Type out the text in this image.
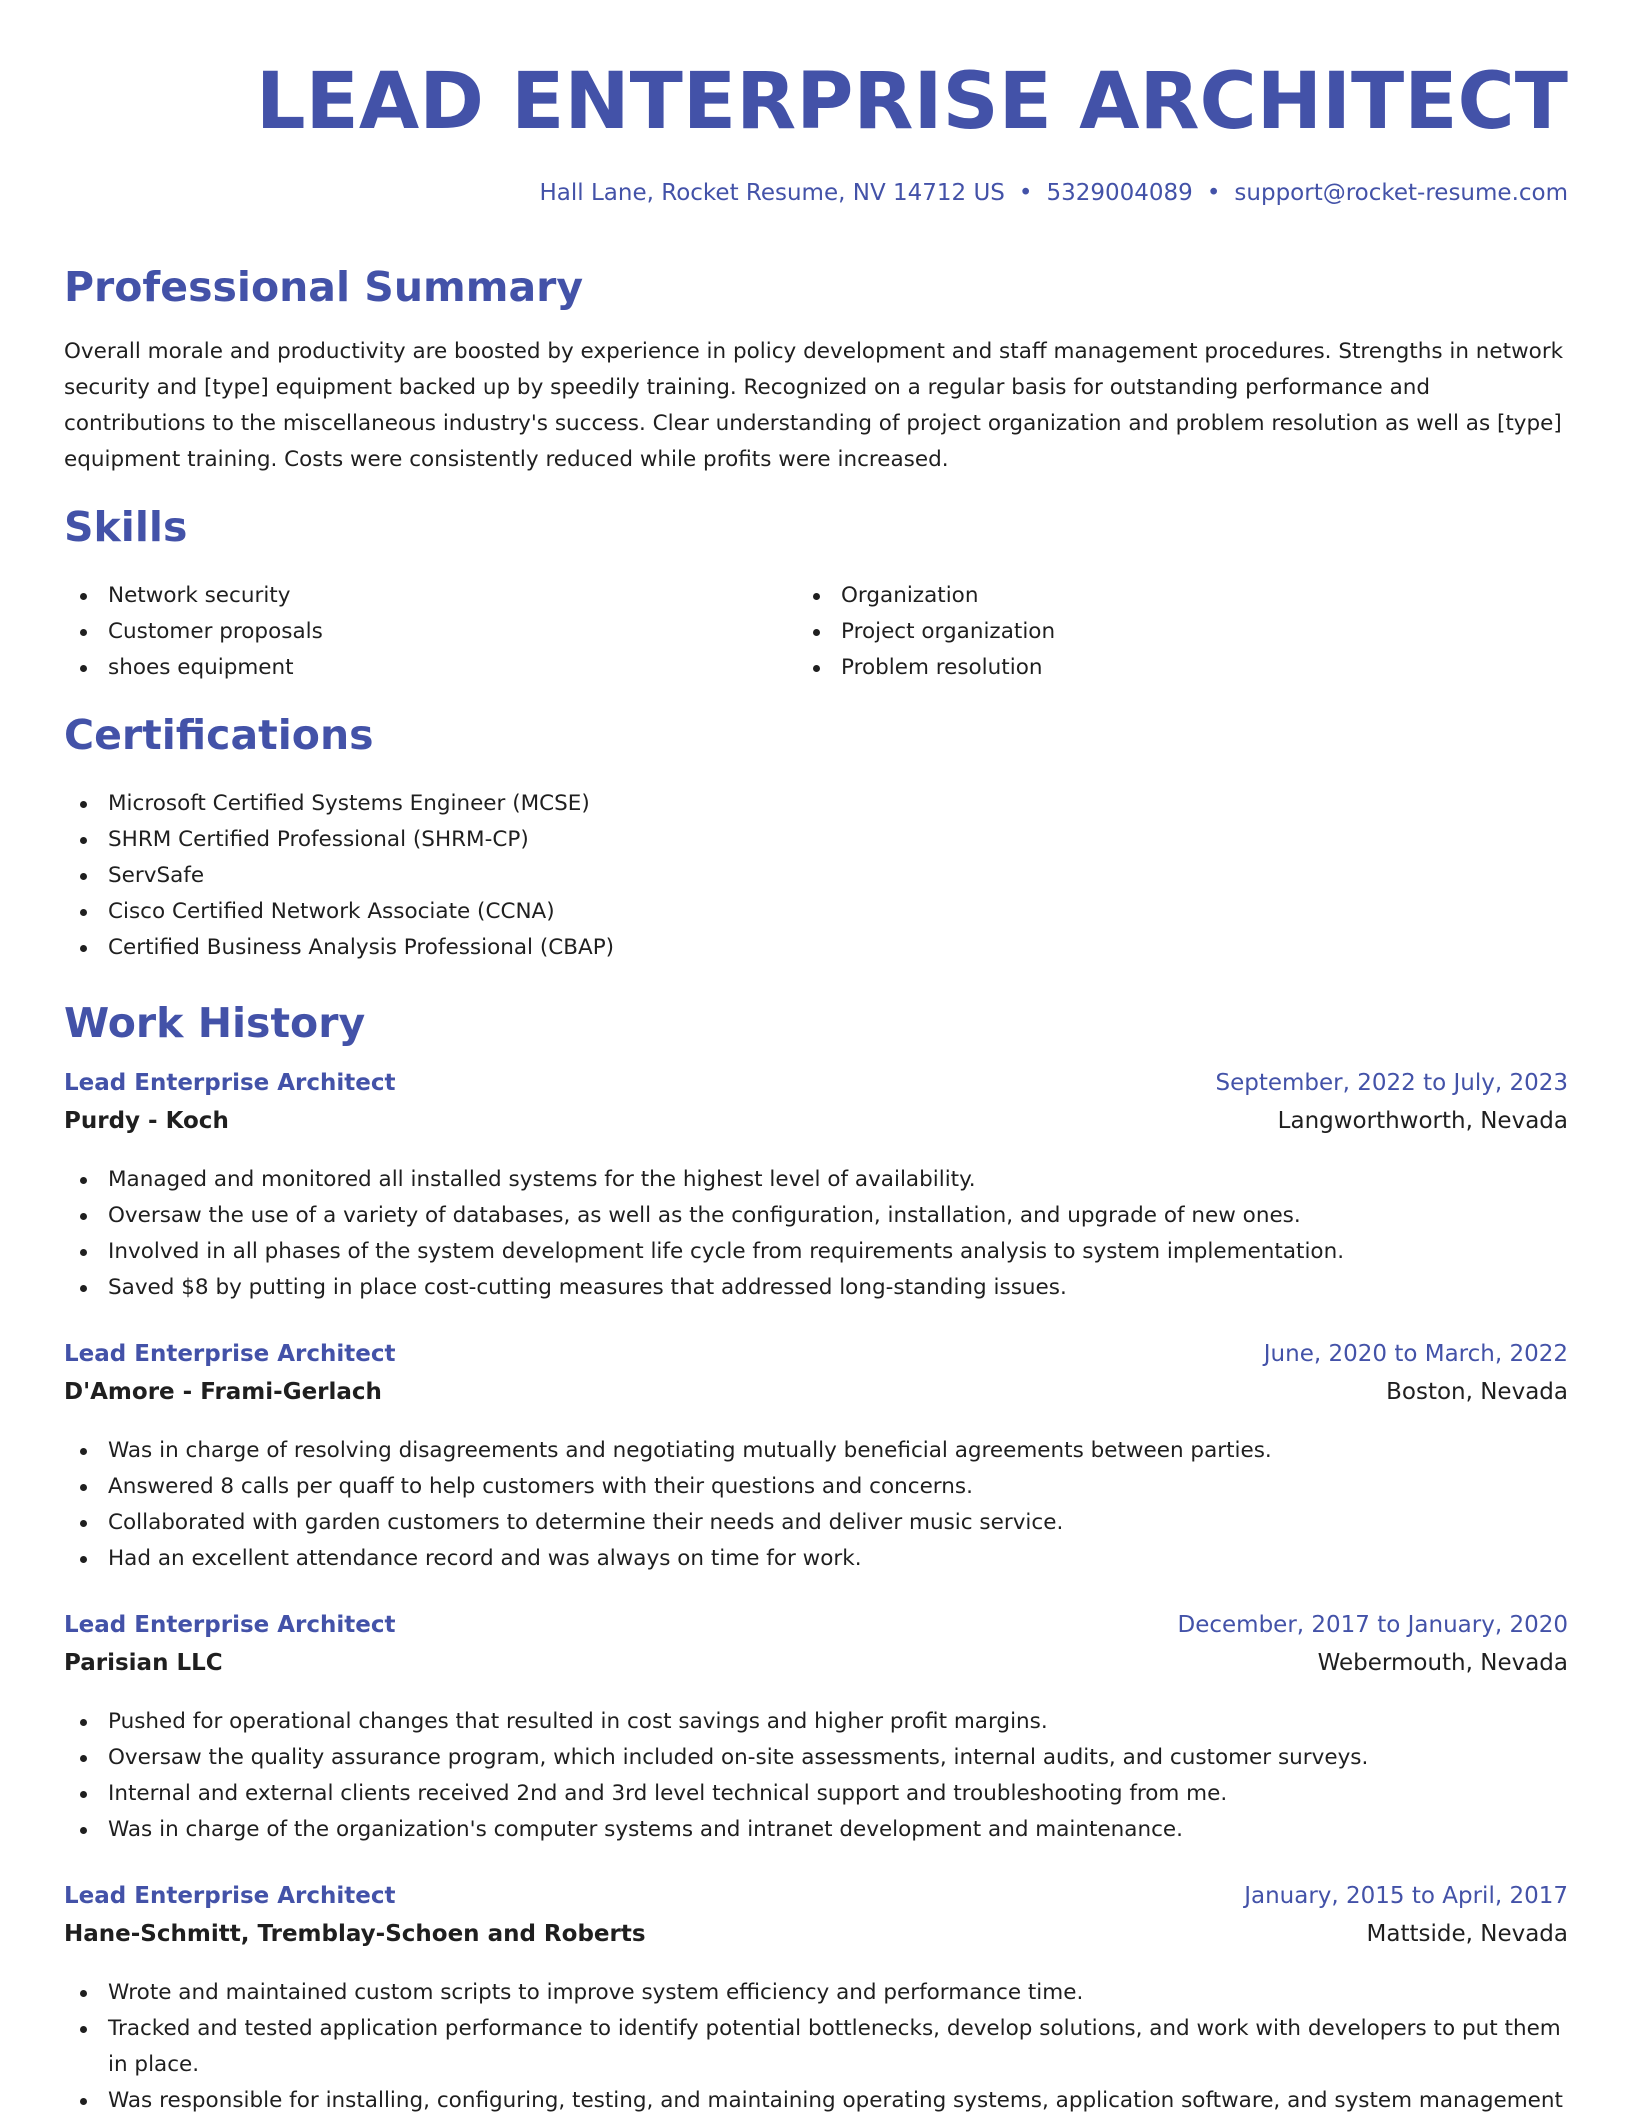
LEAD ENTERPRISE ARCHITECT
Hall Lane, Rocket Resume, NV 14712 US • 5329004089 • support@rocket-resume.com
Professional Summary

Overall morale and productivity are boosted by experience in policy development and staff management procedures. Strengths in network security and [type] equipment backed up by speedily training. Recognized on a regular basis for outstanding performance and contributions to the miscellaneous industry's success. Clear understanding of project organization and problem resolution as well as [type] equipment training. Costs were consistently reduced while profits were increased.

Skills
Network security
Customer proposals
shoes equipment
Organization
Project organization
Problem resolution
Certifications
Microsoft Certified Systems Engineer (MCSE)
SHRM Certified Professional (SHRM-CP)
ServSafe
Cisco Certified Network Associate (CCNA)
Certified Business Analysis Professional (CBAP)
Work History
Lead Enterprise Architect	September, 2022 to July, 2023
Purdy - Koch	Langworthworth, Nevada
Managed and monitored all installed systems for the highest level of availability.
Oversaw the use of a variety of databases, as well as the configuration, installation, and upgrade of new ones.
Involved in all phases of the system development life cycle from requirements analysis to system implementation.
Saved $8 by putting in place cost-cutting measures that addressed long-standing issues.
Lead Enterprise Architect	June, 2020 to March, 2022
D'Amore - Frami-Gerlach	Boston, Nevada
Was in charge of resolving disagreements and negotiating mutually beneficial agreements between parties.
Answered 8 calls per quaff to help customers with their questions and concerns.
Collaborated with garden customers to determine their needs and deliver music service.
Had an excellent attendance record and was always on time for work.
Lead Enterprise Architect	December, 2017 to January, 2020
Parisian LLC	Webermouth, Nevada
Pushed for operational changes that resulted in cost savings and higher profit margins.
Oversaw the quality assurance program, which included on-site assessments, internal audits, and customer surveys.
Internal and external clients received 2nd and 3rd level technical support and troubleshooting from me.
Was in charge of the organization's computer systems and intranet development and maintenance.
Lead Enterprise Architect	January, 2015 to April, 2017
Hane-Schmitt, Tremblay-Schoen and Roberts	Mattside, Nevada
Wrote and maintained custom scripts to improve system efficiency and performance time.
Tracked and tested application performance to identify potential bottlenecks, develop solutions, and work with developers to put them in place.
Was responsible for installing, configuring, testing, and maintaining operating systems, application software, and system management
